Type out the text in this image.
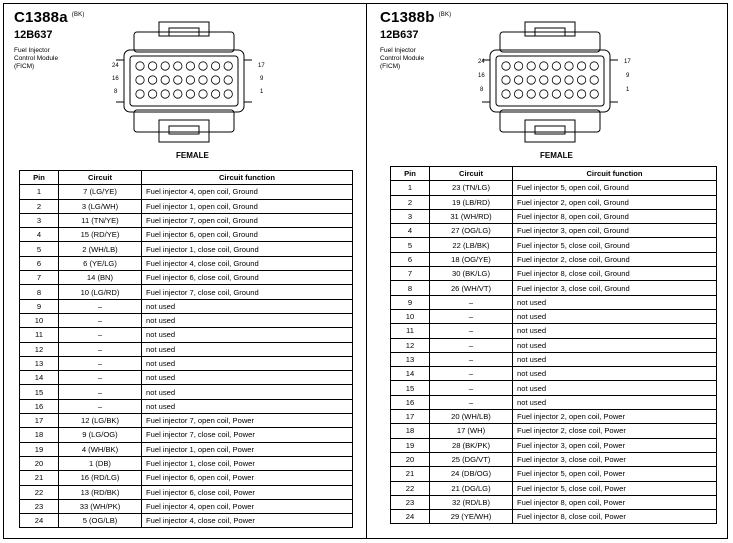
C1388a $^{(BK)}$
12B637
Fuel Injector
Control Module
(FICM)	24
16
8
17
9
1
FEMALE
Pin	Circuit	Circuit function
1	7 (LG/YE)	Fuel injector 4, open coil, Ground
2	3 (LG/WH)	Fuel injector 1, open coil, Ground
3	11 (TN/YE)	Fuel injector 7, open coil, Ground
4	15 (RD/YE)	Fuel injector 6, open coil, Ground
5	2 (WH/LB)	Fuel injector 1, close coil, Ground
6	6 (YE/LG)	Fuel injector 4, close coil, Ground
7	14 (BN)	Fuel injector 6, close coil, Ground
8	10 (LG/RD)	Fuel injector 7, close coil, Ground
9	–	not used
10	–	not used
11	–	not used
12	–	not used
13	–	not used
14	–	not used
15	–	not used
16	–	not used
17	12 (LG/BK)	Fuel injector 7, open coil, Power
18	9 (LG/OG)	Fuel injector 7, close coil, Power
19	4 (WH/BK)	Fuel injector 1, open coil, Power
20	1 (DB)	Fuel injector 1, close coil, Power
21	16 (RD/LG)	Fuel injector 6, open coil, Power
22	13 (RD/BK)	Fuel injector 6, close coil, Power
23	33 (WH/PK)	Fuel injector 4, open coil, Power
24	5 (OG/LB)	Fuel injector 4, close coil, Power
C1388b $^{(BK)}$
12B637
Fuel Injector
Control Module
(FICM)
24
16
8
17
9
1
FEMALE
Pin	Circuit	Circuit function
1	23 (TN/LG)	Fuel injector 5, open coil, Ground
2	19 (LB/RD)	Fuel injector 2, open coil, Ground
3	31 (WH/RD)	Fuel injector 8, open coil, Ground
4	27 (OG/LG)	Fuel injector 3, open coil, Ground
5	22 (LB/BK)	Fuel injector 5, close coil, Ground
6	18 (OG/YE)	Fuel injector 2, close coil, Ground
7	30 (BK/LG)	Fuel injector 8, close coil, Ground
8	26 (WH/VT)	Fuel injector 3, close coil, Ground
9	–	not used
10	–	not used
11	–	not used
12	–	not used
13	–	not used
14	–	not used
15	–	not used
16	–	not used
17	20 (WH/LB)	Fuel injector 2, open coil, Power
18	17 (WH)	Fuel injector 2, close coil, Power
19	28 (BK/PK)	Fuel injector 3, open coil, Power
20	25 (DG/VT)	Fuel injector 3, close coil, Power
21	24 (DB/OG)	Fuel injector 5, open coil, Power
22	21 (DG/LG)	Fuel injector 5, close coil, Power
23	32 (RD/LB)	Fuel injector 8, open coil, Power
24	29 (YE/WH)	Fuel injector 8, close coil, Power
